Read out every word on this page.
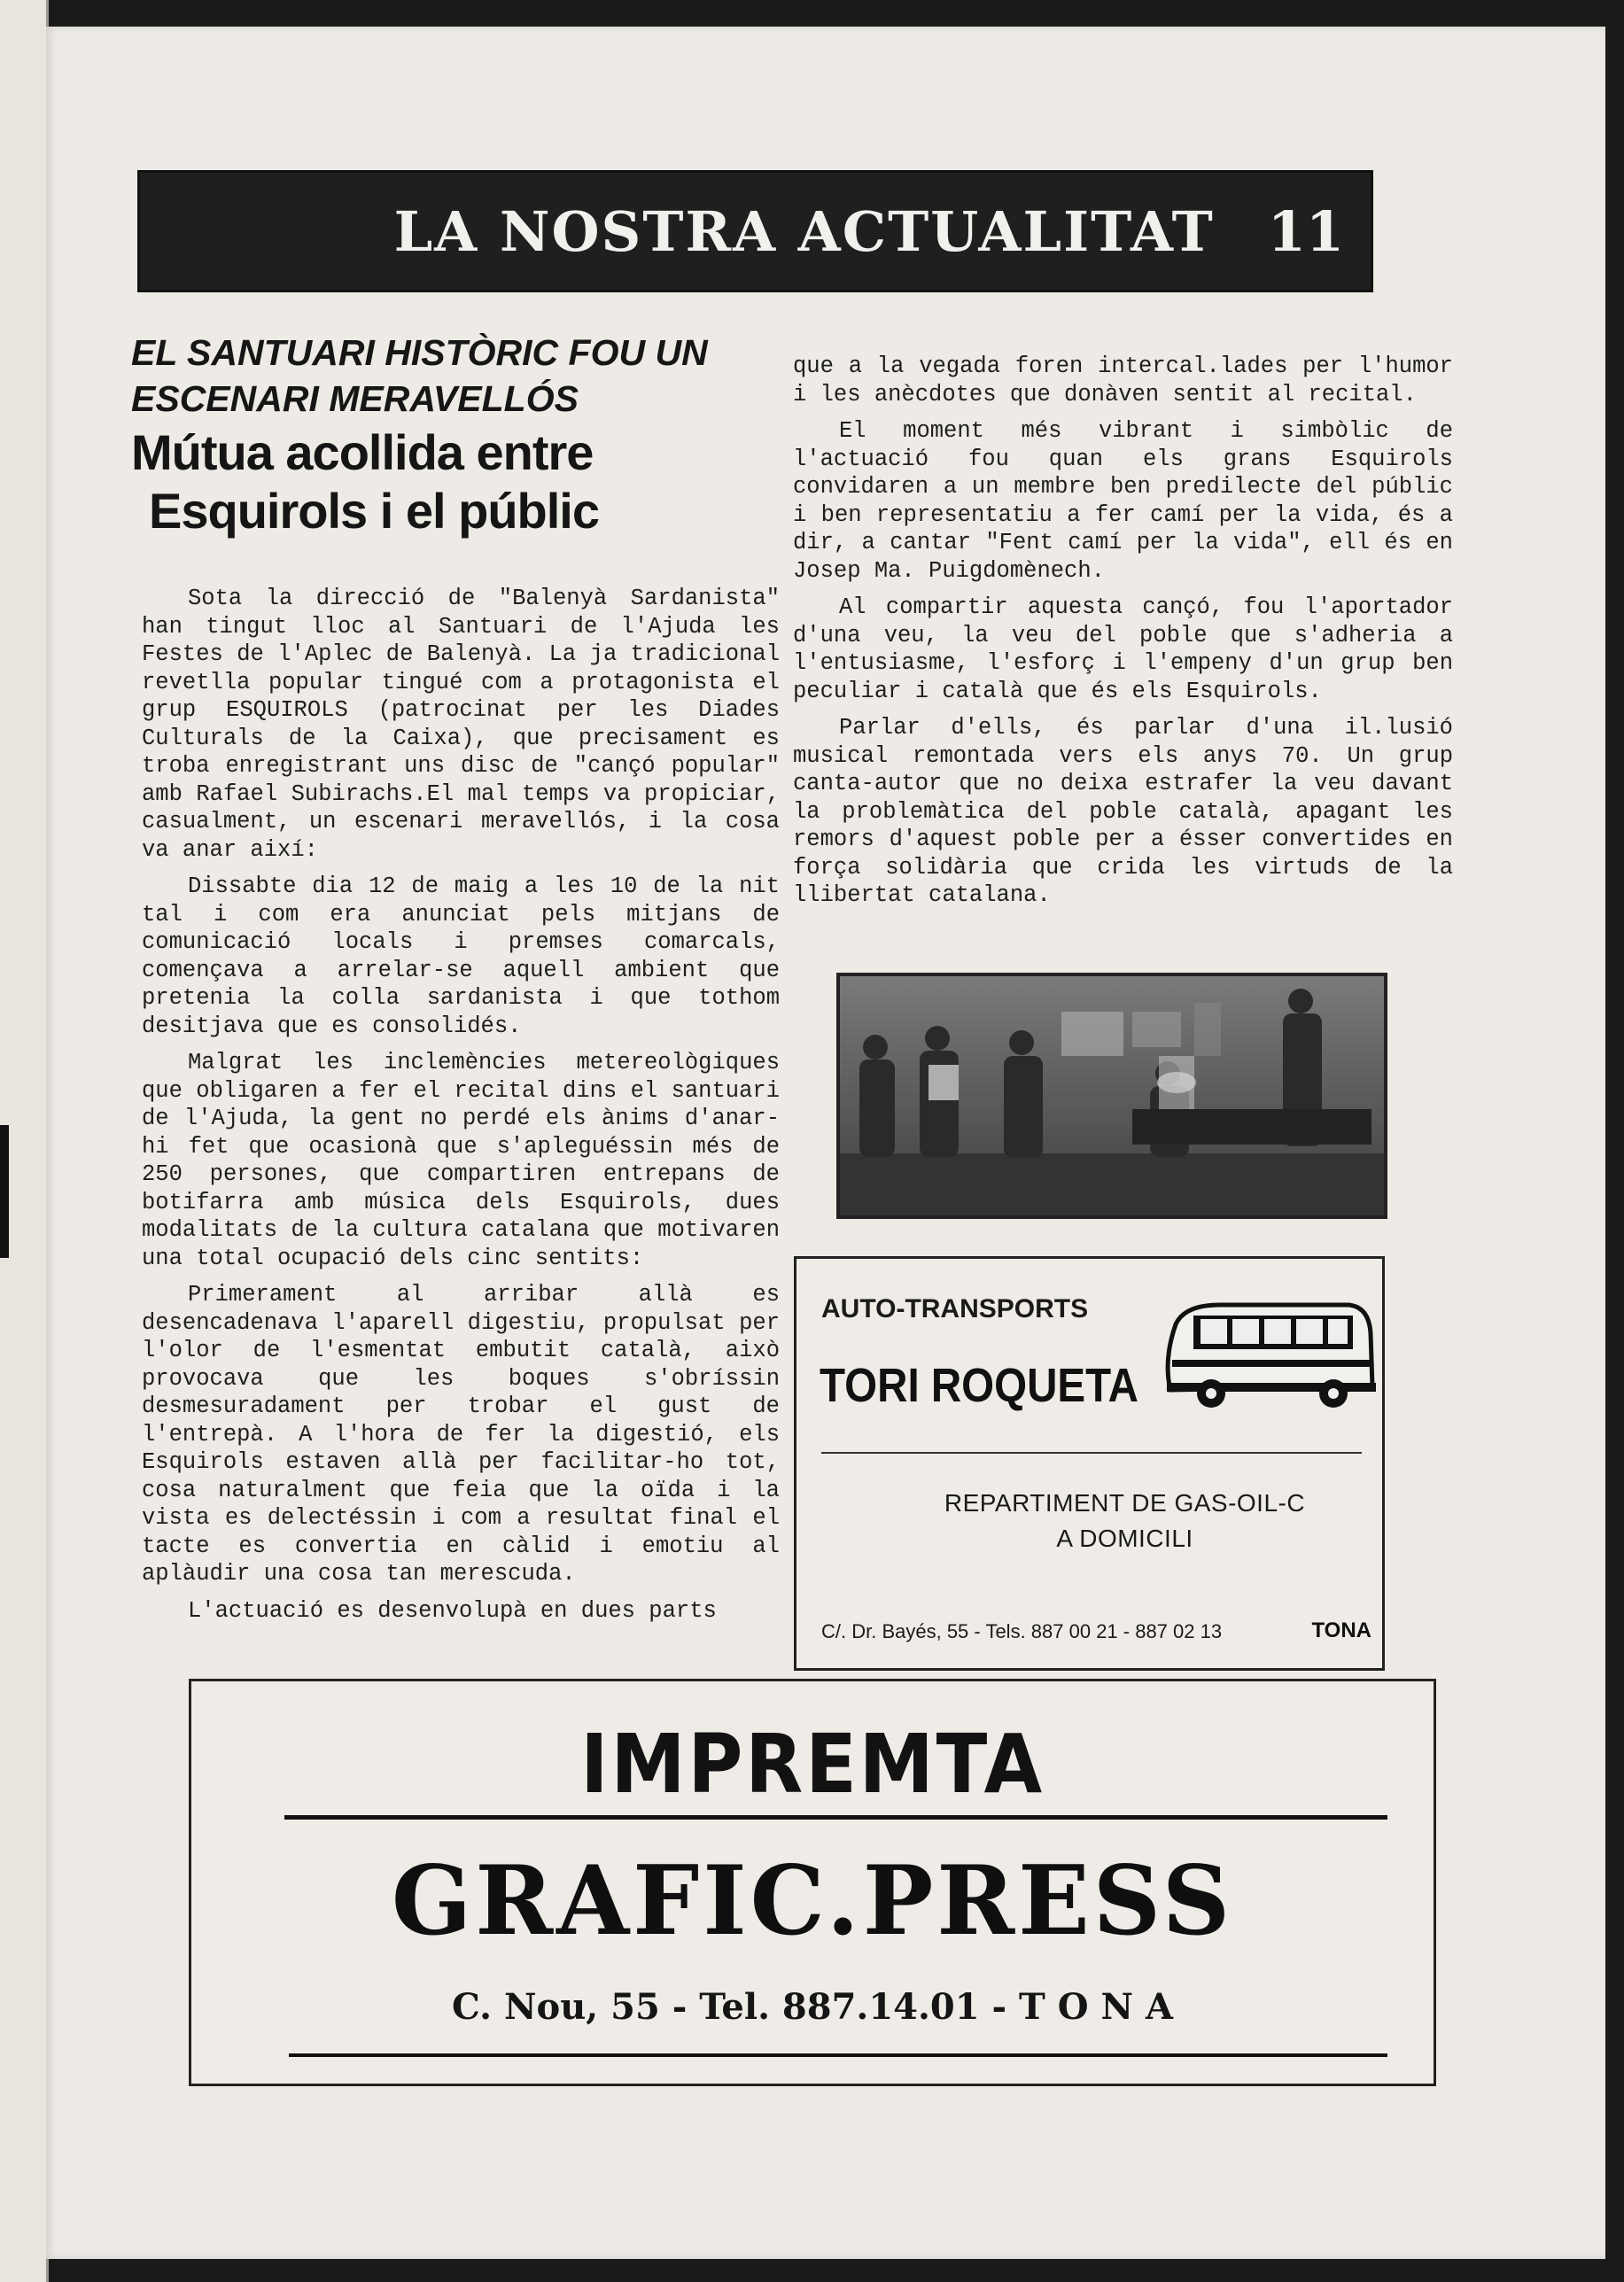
LA NOSTRA ACTUALITAT 11
EL SANTUARI HISTÒRIC FOU UN ESCENARI MERAVELLÓS
Mútua acollida entre
Esquirols i el públic

Sota la direcció de "Balenyà Sardanista" han tingut lloc al Santuari de l'Ajuda les Festes de l'Aplec de Balenyà. La ja tradicional revetlla popular tingué com a protagonista el grup ESQUIROLS (patrocinat per les Diades Culturals de la Caixa), que precisament es troba enregistrant uns disc de "cançó popular" amb Rafael Subirachs.El mal temps va propiciar, casualment, un escenari meravellós, i la cosa va anar així:

Dissabte dia 12 de maig a les 10 de la nit tal i com era anunciat pels mitjans de comunicació locals i premses comarcals, començava a arrelar-se aquell ambient que pretenia la colla sardanista i que tothom desitjava que es consolidés.

Malgrat les inclemències metereològiques que obligaren a fer el recital dins el santuari de l'Ajuda, la gent no perdé els ànims d'anar-hi fet que ocasionà que s'apleguéssin més de 250 persones, que compartiren entrepans de botifarra amb música dels Esquirols, dues modalitats de la cultura catalana que motivaren una total ocupació dels cinc sentits:

Primerament al arribar allà es desencadenava l'aparell digestiu, propulsat per l'olor de l'esmentat embutit català, això provocava que les boques s'obríssin desmesuradament per trobar el gust de l'entrepà. A l'hora de fer la digestió, els Esquirols estaven allà per facilitar-ho tot, cosa naturalment que feia que la oïda i la vista es delectéssin i com a resultat final el tacte es convertia en càlid i emotiu al aplàudir una cosa tan merescuda.

L'actuació es desenvolupà en dues parts

que a la vegada foren intercal.lades per l'humor i les anècdotes que donàven sentit al recital.

El moment més vibrant i simbòlic de l'actuació fou quan els grans Esquirols convidaren a un membre ben predilecte del públic i ben representatiu a fer camí per la vida, és a dir, a cantar "Fent camí per la vida", ell és en Josep Ma. Puigdomènech.

Al compartir aquesta cançó, fou l'aportador d'una veu, la veu del poble que s'adheria a l'entusiasme, l'esforç i l'empeny d'un grup ben peculiar i català que és els Esquirols.

Parlar d'ells, és parlar d'una il.lusió musical remontada vers els anys 70. Un grup canta-autor que no deixa estrafer la veu davant la problemàtica del poble català, apagant les remors d'aquest poble per a ésser convertides en força solidària que crida les virtuds de la llibertat catalana.

AUTO-TRANSPORTS
TORI ROQUETA
REPARTIMENT DE GAS-OIL-C
A DOMICILI
C/. Dr. Bayés, 55 - Tels. 887 00 21 - 887 02 13	TONA
IMPREMTA
GRAFIC.PRESS
C. Nou, 55 - Tel. 887.14.01 - T O N A
